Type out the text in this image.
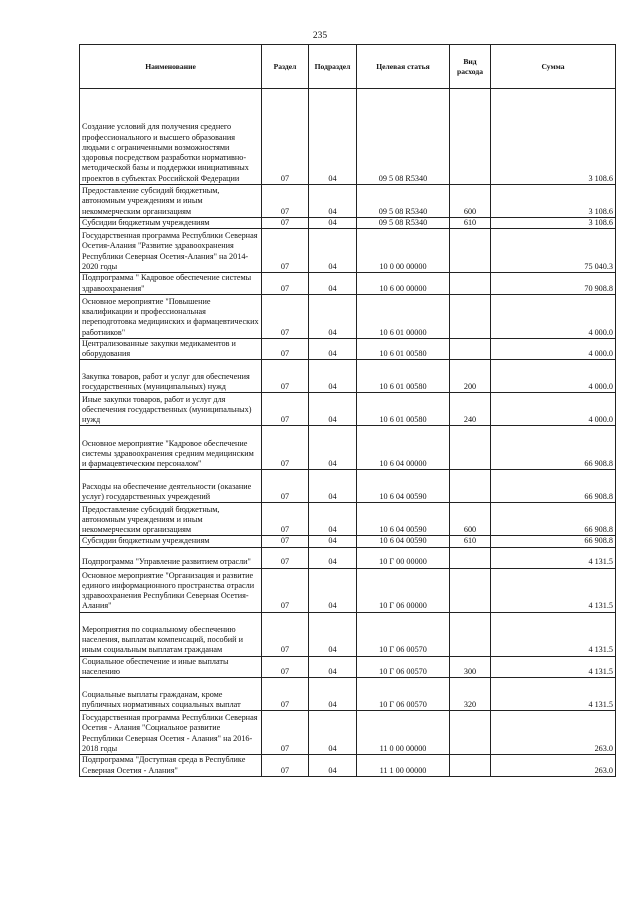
235
Наименование	Раздел	Подраздел	Целевая статья	Вид расхода	Сумма
Создание условий для получения среднего профессионального и высшего образования людьми с ограниченными возможностями здоровья посредством разработки нормативно-методической базы и поддержки инициативных проектов в субъектах Российской Федерации	07	04	09 5 08 R5340		3 108.6
Предоставление субсидий бюджетным, автономным учреждениям и иным некоммерческим организациям	07	04	09 5 08 R5340	600	3 108.6
Субсидии бюджетным учреждениям	07	04	09 5 08 R5340	610	3 108.6
Государственная программа Республики Северная Осетия-Алания "Развитие здравоохранения Республики Северная Осетия-Алания" на 2014-2020 годы	07	04	10 0 00 00000		75 040.3
Подпрограмма " Кадровое обеспечение системы здравоохранения"	07	04	10 6 00 00000		70 908.8
Основное мероприятие "Повышение квалификации и профессиональная переподготовка медицинских и фармацевтических работников"	07	04	10 6 01 00000		4 000.0
Централизованные закупки медикаментов и оборудования	07	04	10 6 01 00580		4 000.0
Закупка товаров, работ и услуг для обеспечения государственных (муниципальных) нужд	07	04	10 6 01 00580	200	4 000.0
Иные закупки товаров, работ и услуг для обеспечения государственных (муниципальных) нужд	07	04	10 6 01 00580	240	4 000.0
Основное мероприятие "Кадровое обеспечение системы здравоохранения средним медицинским и фармацевтическим персоналом"	07	04	10 6 04 00000		66 908.8
Расходы на обеспечение деятельности (оказание услуг) государственных учреждений	07	04	10 6 04 00590		66 908.8
Предоставление субсидий бюджетным, автономным учреждениям и иным некоммерческим организациям	07	04	10 6 04 00590	600	66 908.8
Субсидии бюджетным учреждениям	07	04	10 6 04 00590	610	66 908.8
Подпрограмма "Управление развитием отрасли"	07	04	10 Г 00 00000		4 131.5
Основное мероприятие "Организация и развитие единого информационного пространства отрасли здравоохранения Республики Северная Осетия-Алания"	07	04	10 Г 06 00000		4 131.5
Мероприятия по социальному обеспечению населения, выплатам компенсаций, пособий и иным социальным выплатам гражданам	07	04	10 Г 06 00570		4 131.5
Социальное обеспечение и иные выплаты населению	07	04	10 Г 06 00570	300	4 131.5
Социальные выплаты гражданам, кроме публичных нормативных социальных выплат	07	04	10 Г 06 00570	320	4 131.5
Государственная программа Республики Северная Осетия - Алания "Социальное развитие Республики Северная Осетия - Алания" на 2016-2018 годы	07	04	11 0 00 00000		263.0
Подпрограмма "Доступная среда в Республике Северная Осетия - Алания"	07	04	11 1 00 00000		263.0
